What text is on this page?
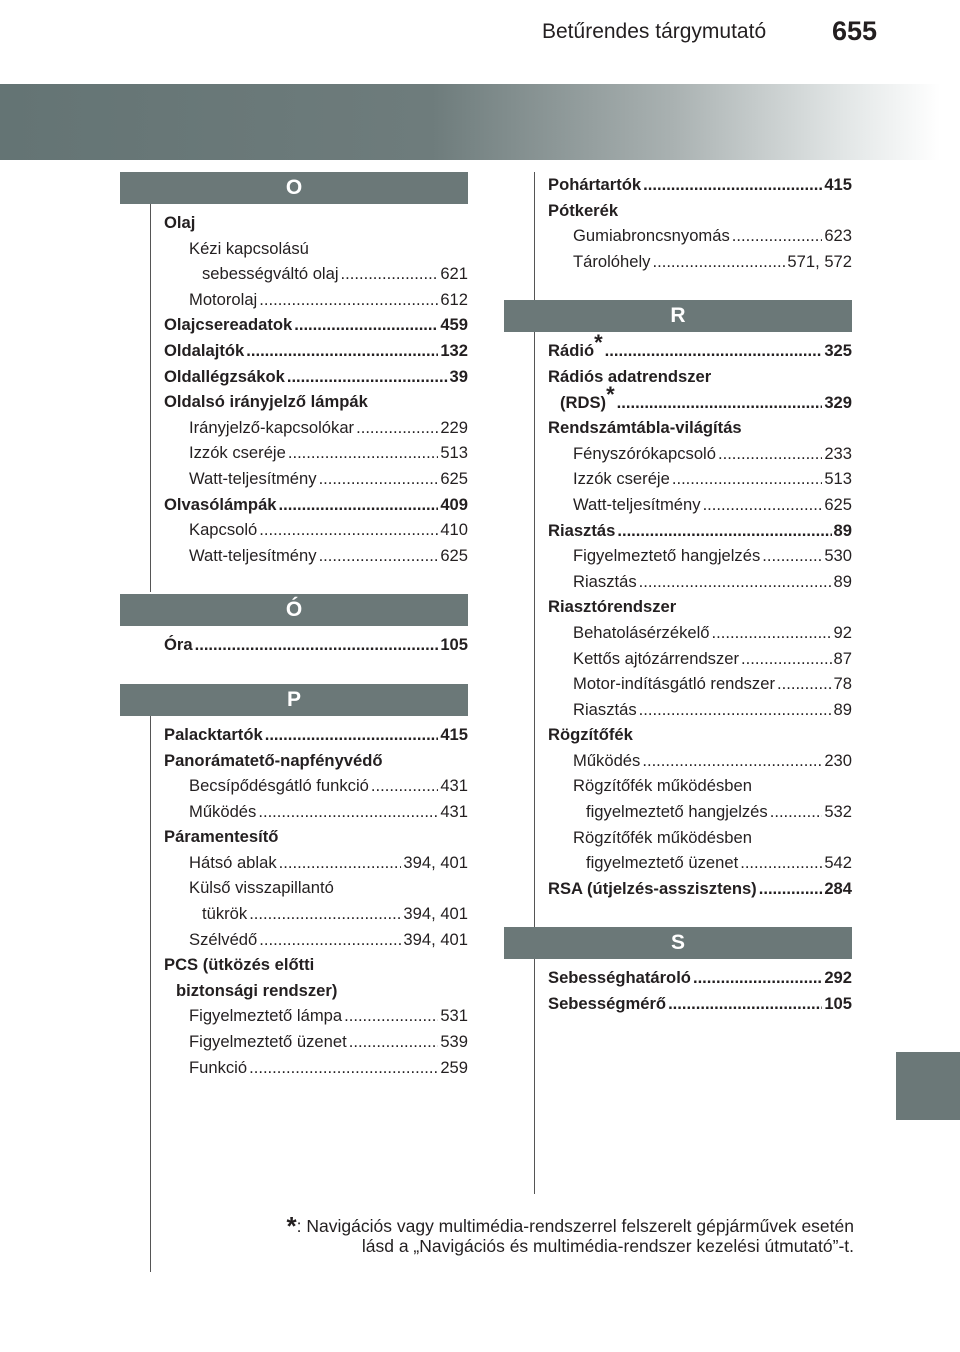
Betűrendes tárgymutató 655
O
Olaj
Kézi kapcsolású
sebességváltó olaj .....	621
Motorolaj .....	612
Olajcsereadatok .....	459
Oldalajtók .....	132
Oldallégzsákok .....	39
Oldalsó irányjelző lámpák
Irányjelző-kapcsolókar .....	229
Izzók cseréje .....	513
Watt-teljesítmény .....	625
Olvasólámpák .....	409
Kapcsoló .....	410
Watt-teljesítmény .....	625
Ó
Óra .....	105
P
Palacktartók .....	415
Panorámatető-napfényvédő
Becsípődésgátló funkció .....	431
Működés .....	431
Páramentesítő
Hátsó ablak .....	394, 401
Külső visszapillantó
tükrök .....	394, 401
Szélvédő .....	394, 401
PCS (ütközés előtti
biztonsági rendszer)
Figyelmeztető lámpa .....	531
Figyelmeztető üzenet .....	539
Funkció .....	259
Pohártartók .....	415
Pótkerék
Gumiabroncsnyomás .....	623
Tárolóhely .....	571, 572
R
Rádió* .....	325
Rádiós adatrendszer
(RDS)* .....	329
Rendszámtábla-világítás
Fényszórókapcsoló .....	233
Izzók cseréje .....	513
Watt-teljesítmény .....	625
Riasztás .....	89
Figyelmeztető hangjelzés .....	530
Riasztás .....	89
Riasztórendszer
Behatolásérzékelő .....	92
Kettős ajtózárrendszer .....	87
Motor-indításgátló rendszer .....	78
Riasztás .....	89
Rögzítőfék
Működés .....	230
Rögzítőfék működésben
figyelmeztető hangjelzés .....	532
Rögzítőfék működésben
figyelmeztető üzenet .....	542
RSA (útjelzés-asszisztens) .....	284
S
Sebességhatároló .....	292
Sebességmérő .....	105
*: Navigációs vagy multimédia-rendszerrel felszerelt gépjárművek esetén
lásd a „Navigációs és multimédia-rendszer kezelési útmutató”-t.
